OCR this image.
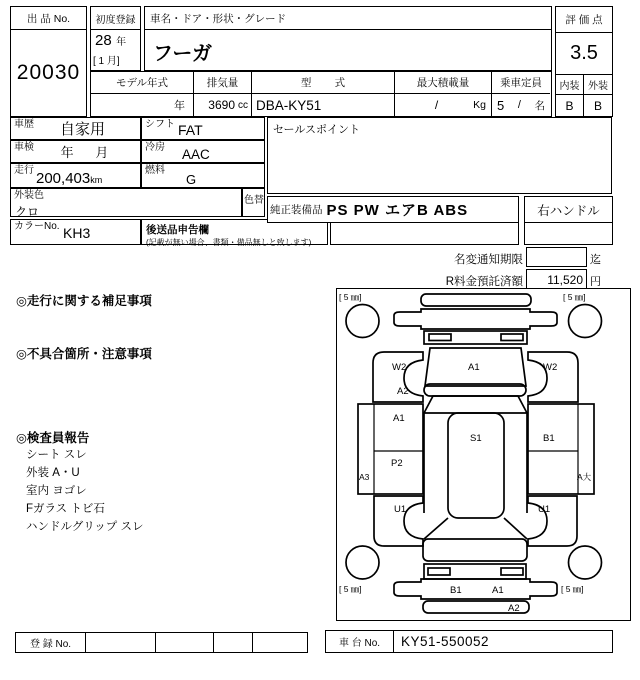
出 品 No.
20030
初度登録
28 年
[ 1 月]
車名・ドア・形状・グレード
フーガ
評 価 点
3.5
内装 外装
B	B
モデル年式
年
排気量
3690 cc
型        式
DBA-KY51
最大積載量
/	Kg
乗車定員
5 / 名
車歴	自家用	シフト FAT
車検	年      月	冷房 AAC
走行 200,403km
燃料
G
外装色
クロ
色替
カラーNo. KH3	後送品申告欄
(記載が無い場合、書類・備品無しと致します)
セールスポイント
純正装備品 PS PW エアB ABS	右ハンドル
名変通知期限	迄
R料金預託済額	11,520 円
◎走行に関する補足事項
◎不具合箇所・注意事項
◎検査員報告
シート スレ
外装 A・U
室内 ヨゴレ
Fガラス トビ石
ハンドルグリップ スレ
[ 5 ㎜]	[ 5 ㎜]
[ 5 ㎜]	[ 5 ㎜]
W2	A1	W2
A2
A1
P2
A3
S1	B1
A大
U1	U1
B1	A1
A2
登 録 No.	車 台 No.	KY51-550052
